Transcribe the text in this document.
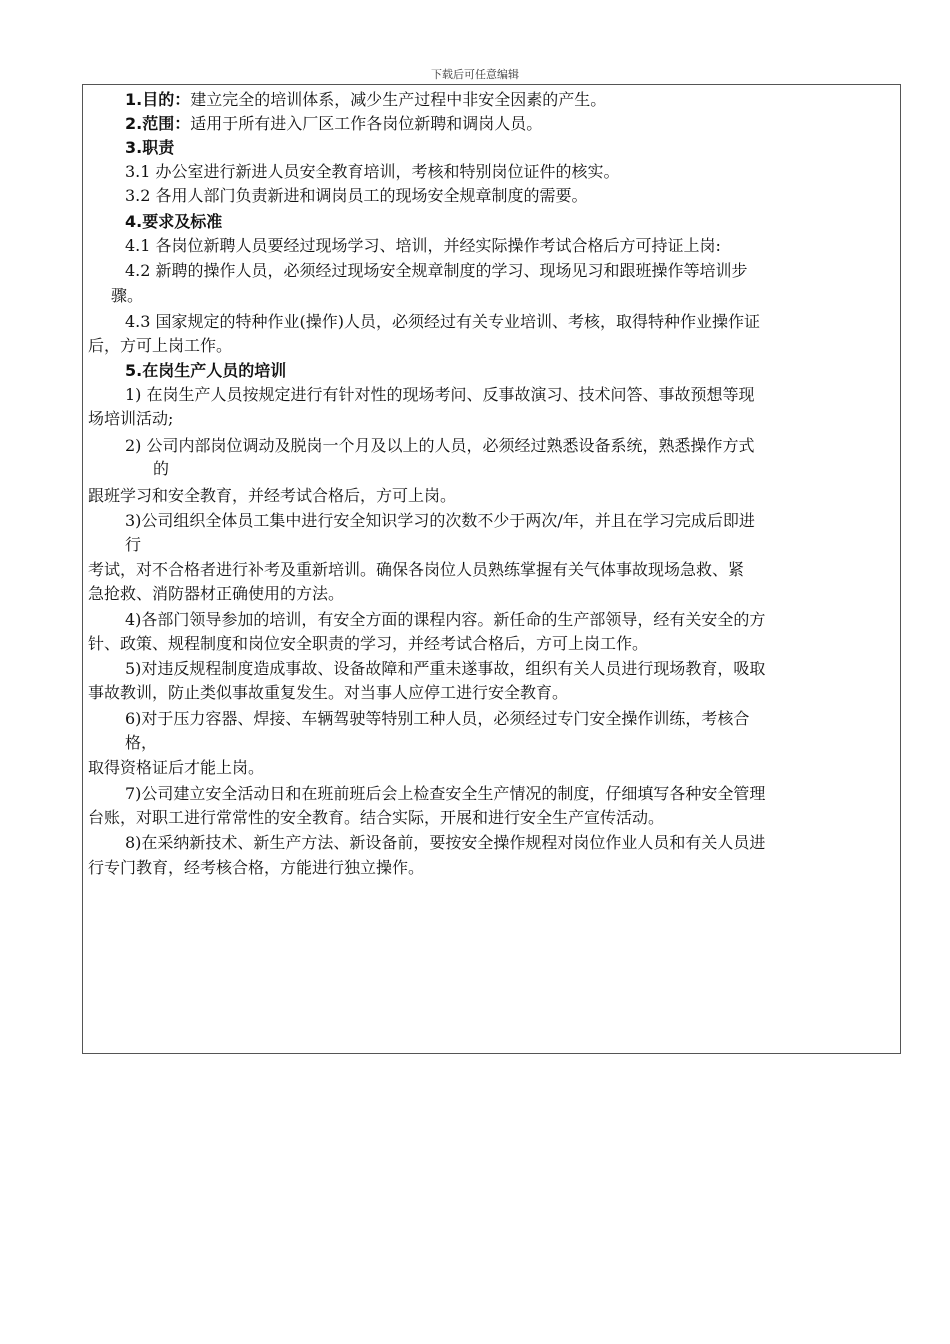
下载后可任意编辑
1.目的：建立完全的培训体系，减少生产过程中非安全因素的产生。
2.范围：适用于所有进入厂区工作各岗位新聘和调岗人员。
3.职责
3.1 办公室进行新进人员安全教育培训，考核和特别岗位证件的核实。
3.2 各用人部门负责新进和调岗员工的现场安全规章制度的需要。
4.要求及标准
4.1 各岗位新聘人员要经过现场学习、培训，并经实际操作考试合格后方可持证上岗:
4.2 新聘的操作人员，必须经过现场安全规章制度的学习、现场见习和跟班操作等培训步
骤。
4.3 国家规定的特种作业(操作)人员，必须经过有关专业培训、考核，取得特种作业操作证
后，方可上岗工作。
5.在岗生产人员的培训
1) 在岗生产人员按规定进行有针对性的现场考问、反事故演习、技术问答、事故预想等现
场培训活动;
2) 公司内部岗位调动及脱岗一个月及以上的人员，必须经过熟悉设备系统，熟悉操作方式
的
跟班学习和安全教育，并经考试合格后，方可上岗。
3)公司组织全体员工集中进行安全知识学习的次数不少于两次/年，并且在学习完成后即进
行
考试，对不合格者进行补考及重新培训。确保各岗位人员熟练掌握有关气体事故现场急救、紧
急抢救、消防器材正确使用的方法。
4)各部门领导参加的培训，有安全方面的课程内容。新任命的生产部领导，经有关安全的方
针、政策、规程制度和岗位安全职责的学习，并经考试合格后，方可上岗工作。
5)对违反规程制度造成事故、设备故障和严重未遂事故，组织有关人员进行现场教育，吸取
事故教训，防止类似事故重复发生。对当事人应停工进行安全教育。
6)对于压力容器、焊接、车辆驾驶等特别工种人员，必须经过专门安全操作训练，考核合
格，
取得资格证后才能上岗。
7)公司建立安全活动日和在班前班后会上检查安全生产情况的制度，仔细填写各种安全管理
台账，对职工进行常常性的安全教育。结合实际，开展和进行安全生产宣传活动。
8)在采纳新技术、新生产方法、新设备前，要按安全操作规程对岗位作业人员和有关人员进
行专门教育，经考核合格，方能进行独立操作。
